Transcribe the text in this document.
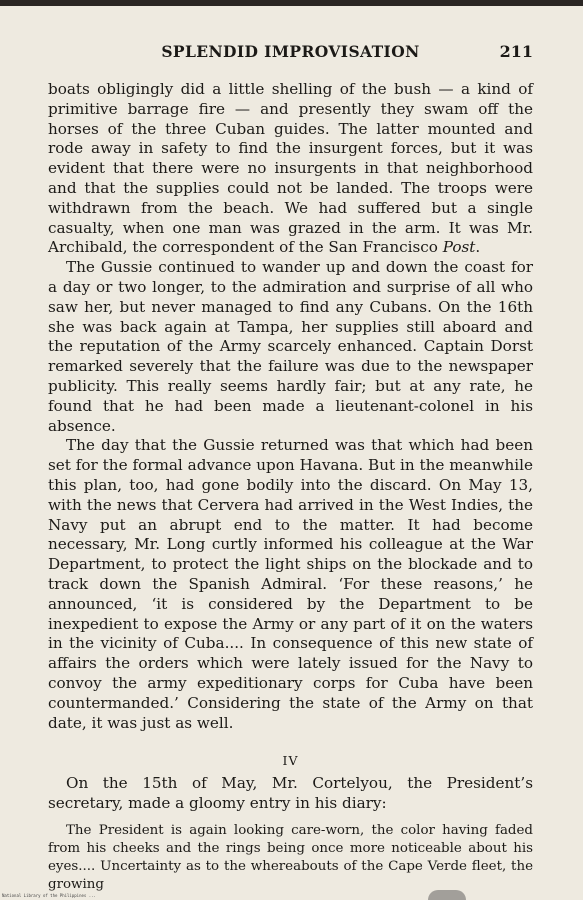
SPLENDID IMPROVISATION	211

boats obligingly did a little shelling of the bush — a kind of primitive barrage fire — and presently they swam off the horses of the three Cuban guides. The latter mounted and rode away in safety to find the insurgent forces, but it was evident that there were no insurgents in that neighborhood and that the supplies could not be landed. The troops were withdrawn from the beach. We had suffered but a single casualty, when one man was grazed in the arm. It was Mr. Archibald, the correspondent of the San Francisco Post.

The Gussie continued to wander up and down the coast for a day or two longer, to the admiration and surprise of all who saw her, but never managed to find any Cubans. On the 16th she was back again at Tampa, her supplies still aboard and the reputation of the Army scarcely enhanced. Captain Dorst remarked severely that the failure was due to the newspaper publicity. This really seems hardly fair; but at any rate, he found that he had been made a lieutenant-colonel in his absence.

The day that the Gussie returned was that which had been set for the formal advance upon Havana. But in the meanwhile this plan, too, had gone bodily into the discard. On May 13, with the news that Cervera had arrived in the West Indies, the Navy put an abrupt end to the matter. It had become necessary, Mr. Long curtly informed his colleague at the War Department, to protect the light ships on the blockade and to track down the Spanish Admiral. ‘For these reasons,’ he announced, ‘it is considered by the Department to be inexpedient to expose the Army or any part of it on the waters in the vicinity of Cuba.... In consequence of this new state of affairs the orders which were lately issued for the Navy to convoy the army expeditionary corps for Cuba have been countermanded.’ Considering the state of the Army on that date, it was just as well.

IV

On the 15th of May, Mr. Cortelyou, the President’s secretary, made a gloomy entry in his diary:

The President is again looking care-worn, the color having faded from his cheeks and the rings being once more noticeable about his eyes.... Uncertainty as to the whereabouts of the Cape Verde fleet, the growing

National Library of the Philippines ...
